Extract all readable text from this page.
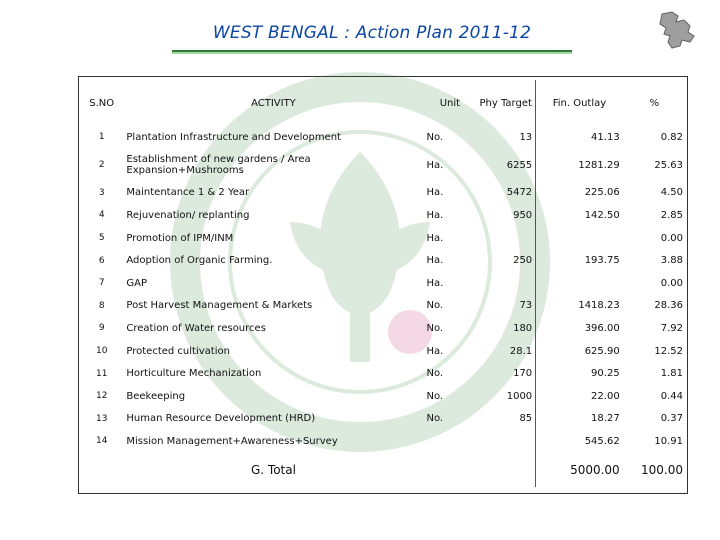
WEST BENGAL : Action Plan 2011-12
S.NO	ACTIVITY	Unit	Phy Target	Fin. Outlay	%
1	Plantation Infrastructure and Development	No.	13	41.13	0.82
2	Establishment of new gardens / Area Expansion+Mushrooms	Ha.	6255	1281.29	25.63
3	Maintentance 1 & 2 Year	Ha.	5472	225.06	4.50
4	Rejuvenation/ replanting	Ha.	950	142.50	2.85
5	Promotion of IPM/INM	Ha.			0.00
6	Adoption of Organic Farming.	Ha.	250	193.75	3.88
7	GAP	Ha.			0.00
8	Post Harvest Management & Markets	No.	73	1418.23	28.36
9	Creation of Water resources	No.	180	396.00	7.92
10	Protected cultivation	Ha.	28.1	625.90	12.52
11	Horticulture Mechanization	No.	170	90.25	1.81
12	Beekeeping	No.	1000	22.00	0.44
13	Human Resource Development (HRD)	No.	85	18.27	0.37
14	Mission Management+Awareness+Survey			545.62	10.91
	G. Total			5000.00	100.00
